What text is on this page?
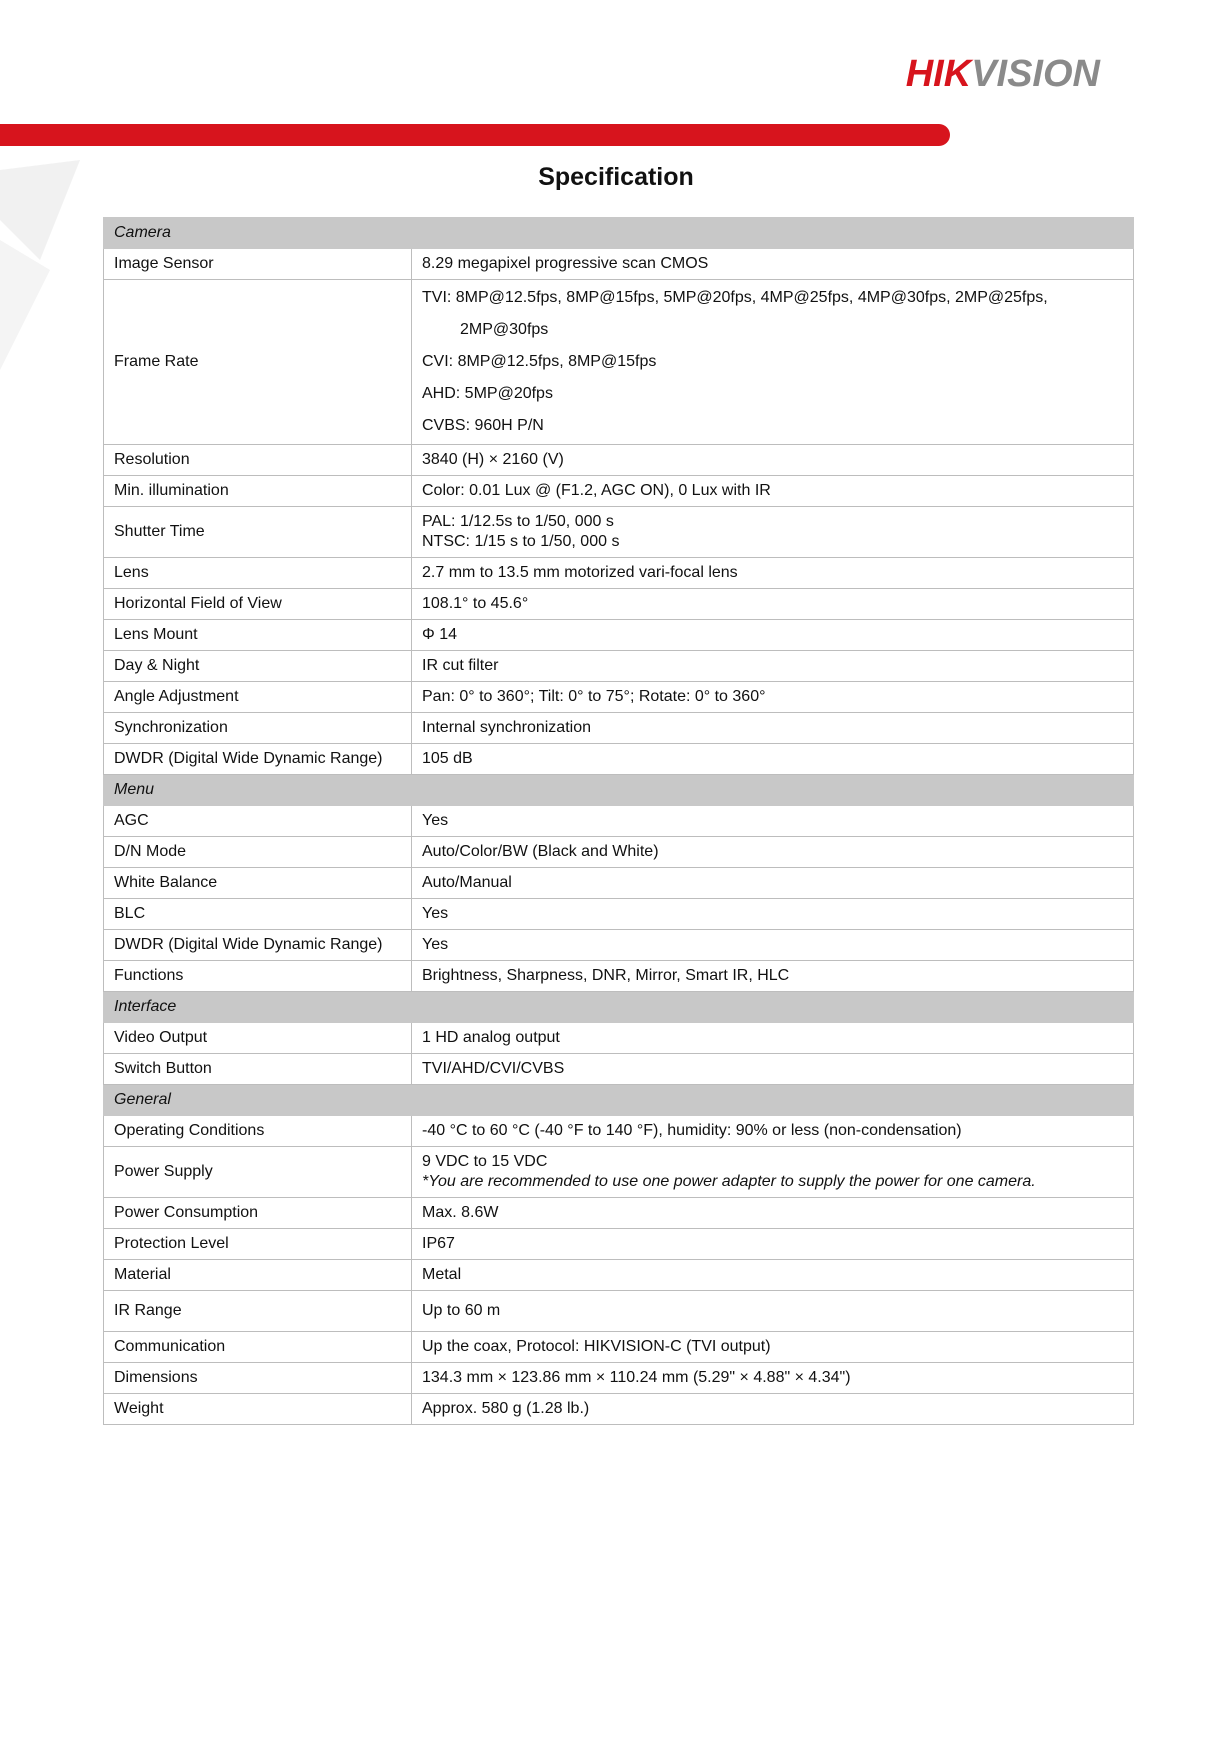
HIKVISION
Specification
Camera	
Image Sensor	8.29 megapixel progressive scan CMOS
Frame Rate	TVI: 8MP@12.5fps, 8MP@15fps, 5MP@20fps, 4MP@25fps, 4MP@30fps, 2MP@25fps,
2MP@30fps
CVI: 8MP@12.5fps, 8MP@15fps
AHD: 5MP@20fps
CVBS: 960H P/N

Resolution	3840 (H) × 2160 (V)
Min. illumination	Color: 0.01 Lux @ (F1.2, AGC ON), 0 Lux with IR
Shutter Time	PAL: 1/12.5s to 1/50, 000 s
NTSC: 1/15 s to 1/50, 000 s

Lens	2.7 mm to 13.5 mm motorized vari-focal lens
Horizontal Field of View	108.1° to 45.6°
Lens Mount	Φ 14
Day & Night	IR cut filter
Angle Adjustment	Pan: 0° to 360°; Tilt: 0° to 75°; Rotate: 0° to 360°
Synchronization	Internal synchronization
DWDR (Digital Wide Dynamic Range)	105 dB
Menu	
AGC	Yes
D/N Mode	Auto/Color/BW (Black and White)
White Balance	Auto/Manual
BLC	Yes
DWDR (Digital Wide Dynamic Range)	Yes
Functions	Brightness, Sharpness, DNR, Mirror, Smart IR, HLC
Interface	
Video Output	1 HD analog output
Switch Button	TVI/AHD/CVI/CVBS
General	
Operating Conditions	-40 °C to 60 °C (-40 °F to 140 °F), humidity: 90% or less (non-condensation)
Power Supply	9 VDC to 15 VDC
*You are recommended to use one power adapter to supply the power for one camera.

Power Consumption	Max. 8.6W
Protection Level	IP67
Material	Metal
IR Range	Up to 60 m
Communication	Up the coax, Protocol: HIKVISION-C (TVI output)
Dimensions	134.3 mm × 123.86 mm × 110.24 mm (5.29" × 4.88" × 4.34")
Weight	Approx. 580 g (1.28 lb.)
